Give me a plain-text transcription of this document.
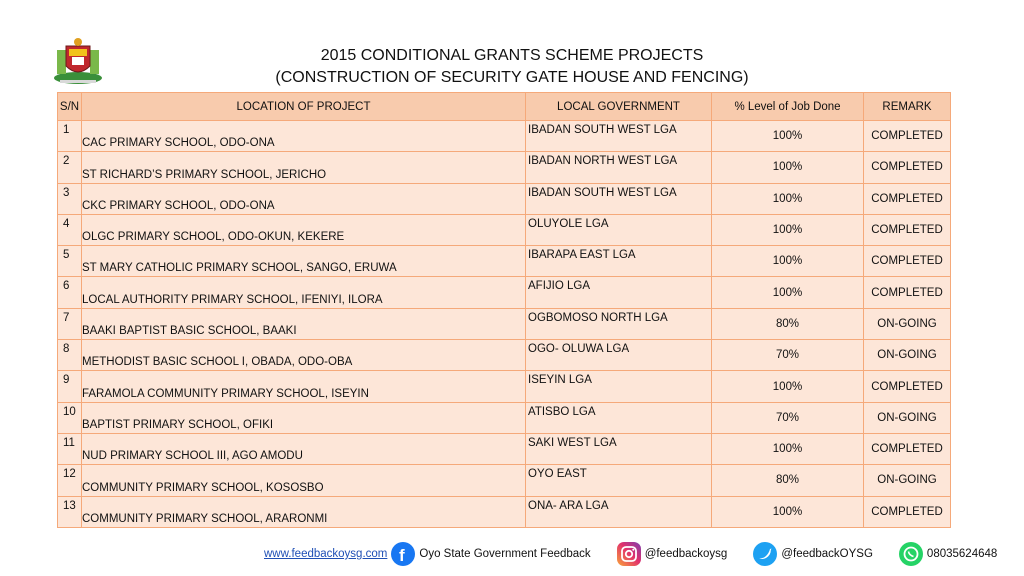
2015 CONDITIONAL GRANTS SCHEME PROJECTS
(CONSTRUCTION OF SECURITY GATE HOUSE AND FENCING)
S/N	LOCATION OF PROJECT	LOCAL GOVERNMENT	% Level of Job Done	REMARK
1	CAC PRIMARY SCHOOL, ODO-ONA	IBADAN SOUTH WEST LGA	100%	COMPLETED
2	ST RICHARD’S PRIMARY SCHOOL, JERICHO	IBADAN NORTH WEST LGA	100%	COMPLETED
3	CKC PRIMARY SCHOOL, ODO-ONA	IBADAN SOUTH WEST LGA	100%	COMPLETED
4	OLGC PRIMARY SCHOOL, ODO-OKUN, KEKERE	OLUYOLE LGA	100%	COMPLETED
5	ST MARY CATHOLIC PRIMARY SCHOOL, SANGO, ERUWA	IBARAPA EAST LGA	100%	COMPLETED
6	LOCAL AUTHORITY PRIMARY SCHOOL, IFENIYI, ILORA	AFIJIO LGA	100%	COMPLETED
7	BAAKI BAPTIST BASIC SCHOOL, BAAKI	OGBOMOSO NORTH LGA	80%	ON-GOING
8	METHODIST BASIC SCHOOL I, OBADA, ODO-OBA	OGO- OLUWA LGA	70%	ON-GOING
9	FARAMOLA COMMUNITY PRIMARY SCHOOL, ISEYIN	ISEYIN LGA	100%	COMPLETED
10	BAPTIST PRIMARY SCHOOL, OFIKI	ATISBO LGA	70%	ON-GOING
11	NUD PRIMARY SCHOOL III, AGO AMODU	SAKI WEST LGA	100%	COMPLETED
12	COMMUNITY PRIMARY SCHOOL, KOSOSBO	OYO EAST	80%	ON-GOING
13	COMMUNITY PRIMARY SCHOOL, ARARONMI	ONA- ARA LGA	100%	COMPLETED
www.feedbackoysg.com f Oyo State Government Feedback	@feedbackoysg	@feedbackOYSG	08035624648
